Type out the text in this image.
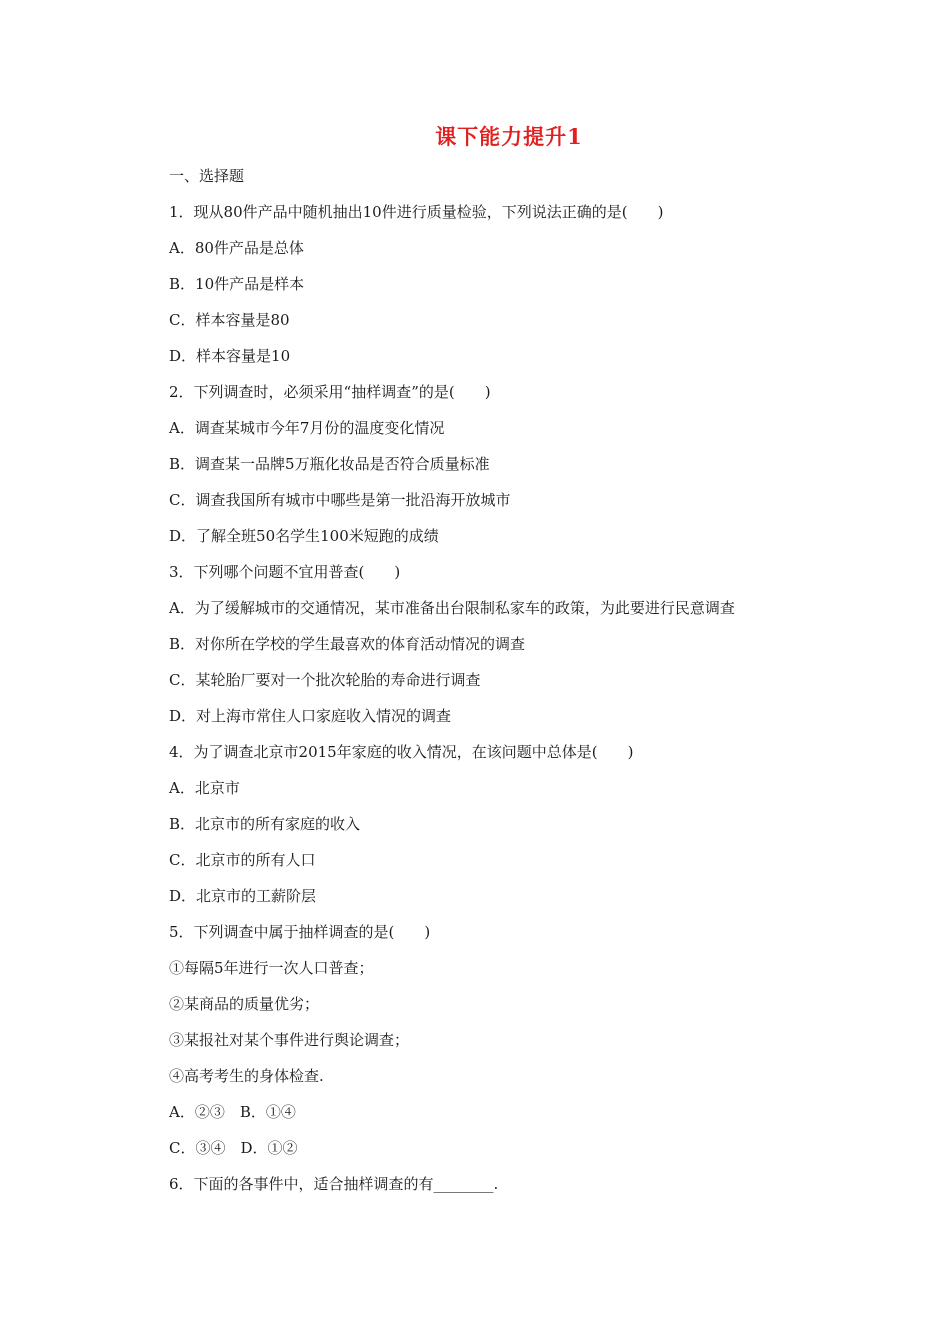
课下能力提升1
一、选择题
1．现从80件产品中随机抽出10件进行质量检验，下列说法正确的是(　　)
A．80件产品是总体
B．10件产品是样本
C．样本容量是80
D．样本容量是10
2．下列调查时，必须采用“抽样调查”的是(　　)
A．调查某城市今年7月份的温度变化情况
B．调查某一品牌5万瓶化妆品是否符合质量标准
C．调查我国所有城市中哪些是第一批沿海开放城市
D．了解全班50名学生100米短跑的成绩
3．下列哪个问题不宜用普查(　　)
A．为了缓解城市的交通情况，某市准备出台限制私家车的政策，为此要进行民意调查
B．对你所在学校的学生最喜欢的体育活动情况的调查
C．某轮胎厂要对一个批次轮胎的寿命进行调查
D．对上海市常住人口家庭收入情况的调查
4．为了调查北京市2015年家庭的收入情况，在该问题中总体是(　　)
A．北京市
B．北京市的所有家庭的收入
C．北京市的所有人口
D．北京市的工薪阶层
5．下列调查中属于抽样调查的是(　　)
①每隔5年进行一次人口普查；
②某商品的质量优劣；
③某报社对某个事件进行舆论调查；
④高考考生的身体检查.
A．②③　B．①④
C．③④　D．①②
6．下面的各事件中，适合抽样调查的有________.
